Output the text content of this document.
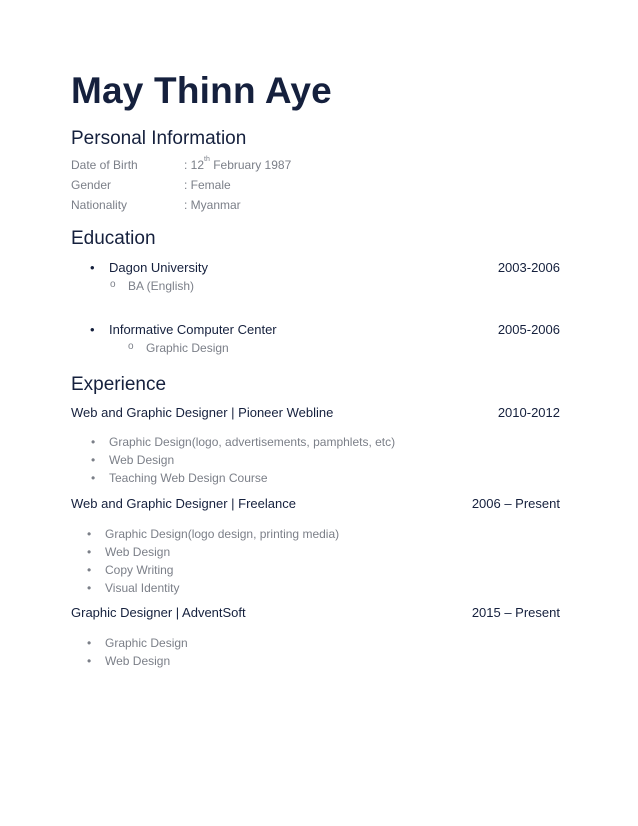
May Thinn Aye
Personal Information
Date of Birth	: 12th February 1987
Gender	: Female
Nationality	: Myanmar
Education
• Dagon University	2003-2006
o BA (English)
• Informative Computer Center	2005-2006
o Graphic Design
Experience
Web and Graphic Designer | Pioneer Webline	2010-2012
• Graphic Design(logo, advertisements, pamphlets, etc)
• Web Design
• Teaching Web Design Course
Web and Graphic Designer | Freelance	2006 – Present
• Graphic Design(logo design, printing media)
• Web Design
• Copy Writing
• Visual Identity
Graphic Designer | AdventSoft	2015 – Present
• Graphic Design
• Web Design
